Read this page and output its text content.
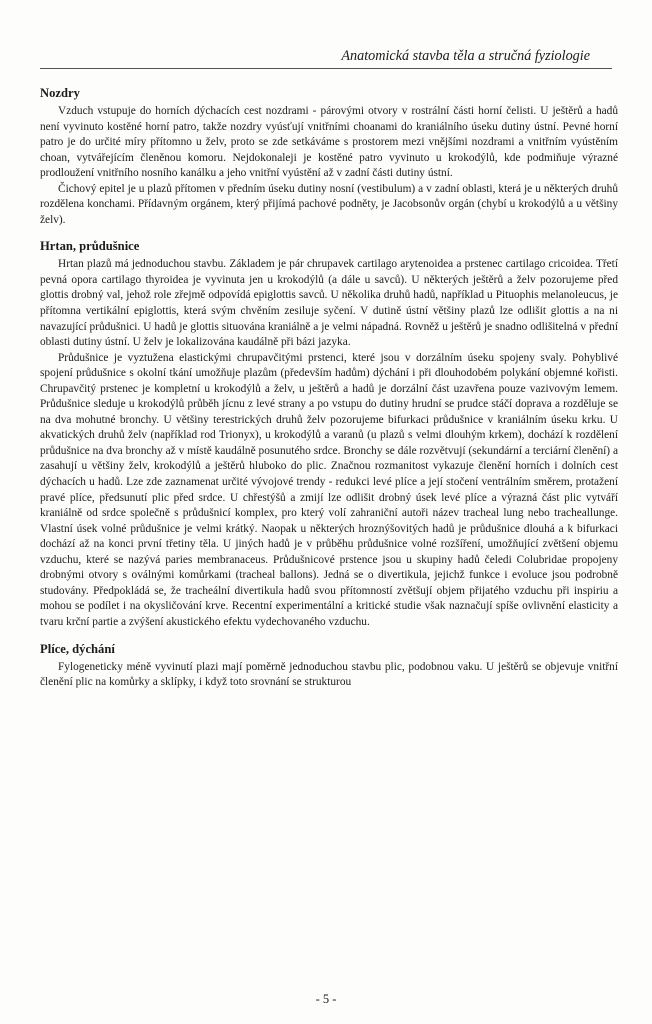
Anatomická stavba těla a stručná fyziologie
Nozdry

Vzduch vstupuje do horních dýchacích cest nozdrami - párovými otvory v rostrální části horní čelisti. U ještěrů a hadů není vyvinuto kostěné horní patro, takže nozdry vyúsťují vnitřními choanami do kraniálního úseku dutiny ústní. Pevné horní patro je do určité míry přítomno u želv, proto se zde setkáváme s prostorem mezi vnějšími nozdrami a vnitřním vyústěním choan, vytvářejícím členěnou komoru. Nejdokonaleji je kostěné patro vyvinuto u krokodýlů, kde podmiňuje výrazné prodloužení vnitřního nosního kanálku a jeho vnitřní vyústění až v zadní části dutiny ústní.

Čichový epitel je u plazů přítomen v předním úseku dutiny nosní (vestibulum) a v zadní oblasti, která je u některých druhů rozdělena konchami. Přídavným orgánem, který přijímá pachové podněty, je Jacobsonův orgán (chybí u krokodýlů a u většiny želv).

Hrtan, průdušnice

Hrtan plazů má jednoduchou stavbu. Základem je pár chrupavek cartilago arytenoidea a prstenec cartilago cricoidea. Třetí pevná opora cartilago thyroidea je vyvinuta jen u krokodýlů (a dále u savců). U některých ještěrů a želv pozorujeme před glottis drobný val, jehož role zřejmě odpovídá epiglottis savců. U několika druhů hadů, například u Pituophis melanoleucus, je přítomna vertikální epiglottis, která svým chvěním zesiluje syčení. V dutině ústní většiny plazů lze odlišit glottis a na ni navazující průdušnici. U hadů je glottis situována kraniálně a je velmi nápadná. Rovněž u ještěrů je snadno odlišitelná v přední oblasti dutiny ústní. U želv je lokalizována kaudálně při bázi jazyka.

Průdušnice je vyztužena elastickými chrupavčitými prstenci, které jsou v dorzálním úseku spojeny svaly. Pohyblivé spojení průdušnice s okolní tkání umožňuje plazům (především hadům) dýchání i při dlouhodobém polykání objemné kořisti. Chrupavčitý prstenec je kompletní u krokodýlů a želv, u ještěrů a hadů je dorzální část uzavřena pouze vazivovým lemem. Průdušnice sleduje u krokodýlů průběh jícnu z levé strany a po vstupu do dutiny hrudní se prudce stáčí doprava a rozděluje se na dva mohutné bronchy. U většiny terestrických druhů želv pozorujeme bifurkaci průdušnice v kraniálním úseku krku. U akvatických druhů želv (například rod Trionyx), u krokodýlů a varanů (u plazů s velmi dlouhým krkem), dochází k rozdělení průdušnice na dva bronchy až v místě kaudálně posunutého srdce. Bronchy se dále rozvětvují (sekundární a terciární členění) a zasahují u většiny želv, krokodýlů a ještěrů hluboko do plic. Značnou rozmanitost vykazuje členění horních i dolních cest dýchacích u hadů. Lze zde zaznamenat určité vývojové trendy - redukci levé plíce a její stočení ventrálním směrem, protažení pravé plíce, předsunutí plic před srdce. U chřestýšů a zmijí lze odlišit drobný úsek levé plíce a výrazná část plic vytváří kraniálně od srdce společně s průdušnicí komplex, pro který volí zahraniční autoři název tracheal lung nebo tracheallunge. Vlastní úsek volné průdušnice je velmi krátký. Naopak u některých hroznýšovitých hadů je průdušnice dlouhá a k bifurkaci dochází až na konci první třetiny těla. U jiných hadů je v průběhu průdušnice volné rozšíření, umožňující zvětšení objemu vzduchu, které se nazývá paries membranaceus. Průdušnicové prstence jsou u skupiny hadů čeledi Colubridae propojeny drobnými otvory s oválnými komůrkami (tracheal ballons). Jedná se o divertikula, jejichž funkce i evoluce jsou podrobně studovány. Předpokládá se, že tracheální divertikula hadů svou přítomností zvětšují objem přijatého vzduchu při inspiriu a mohou se podílet i na okysličování krve. Recentní experimentální a kritické studie však naznačují spíše ovlivnění elasticity a tvaru krční partie a zvýšení akustického efektu vydechovaného vzduchu.

Plíce, dýchání

Fylogeneticky méně vyvinutí plazi mají poměrně jednoduchou stavbu plic, podobnou vaku. U ještěrů se objevuje vnitřní členění plic na komůrky a sklípky, i když toto srovnání se strukturou

- 5 -
